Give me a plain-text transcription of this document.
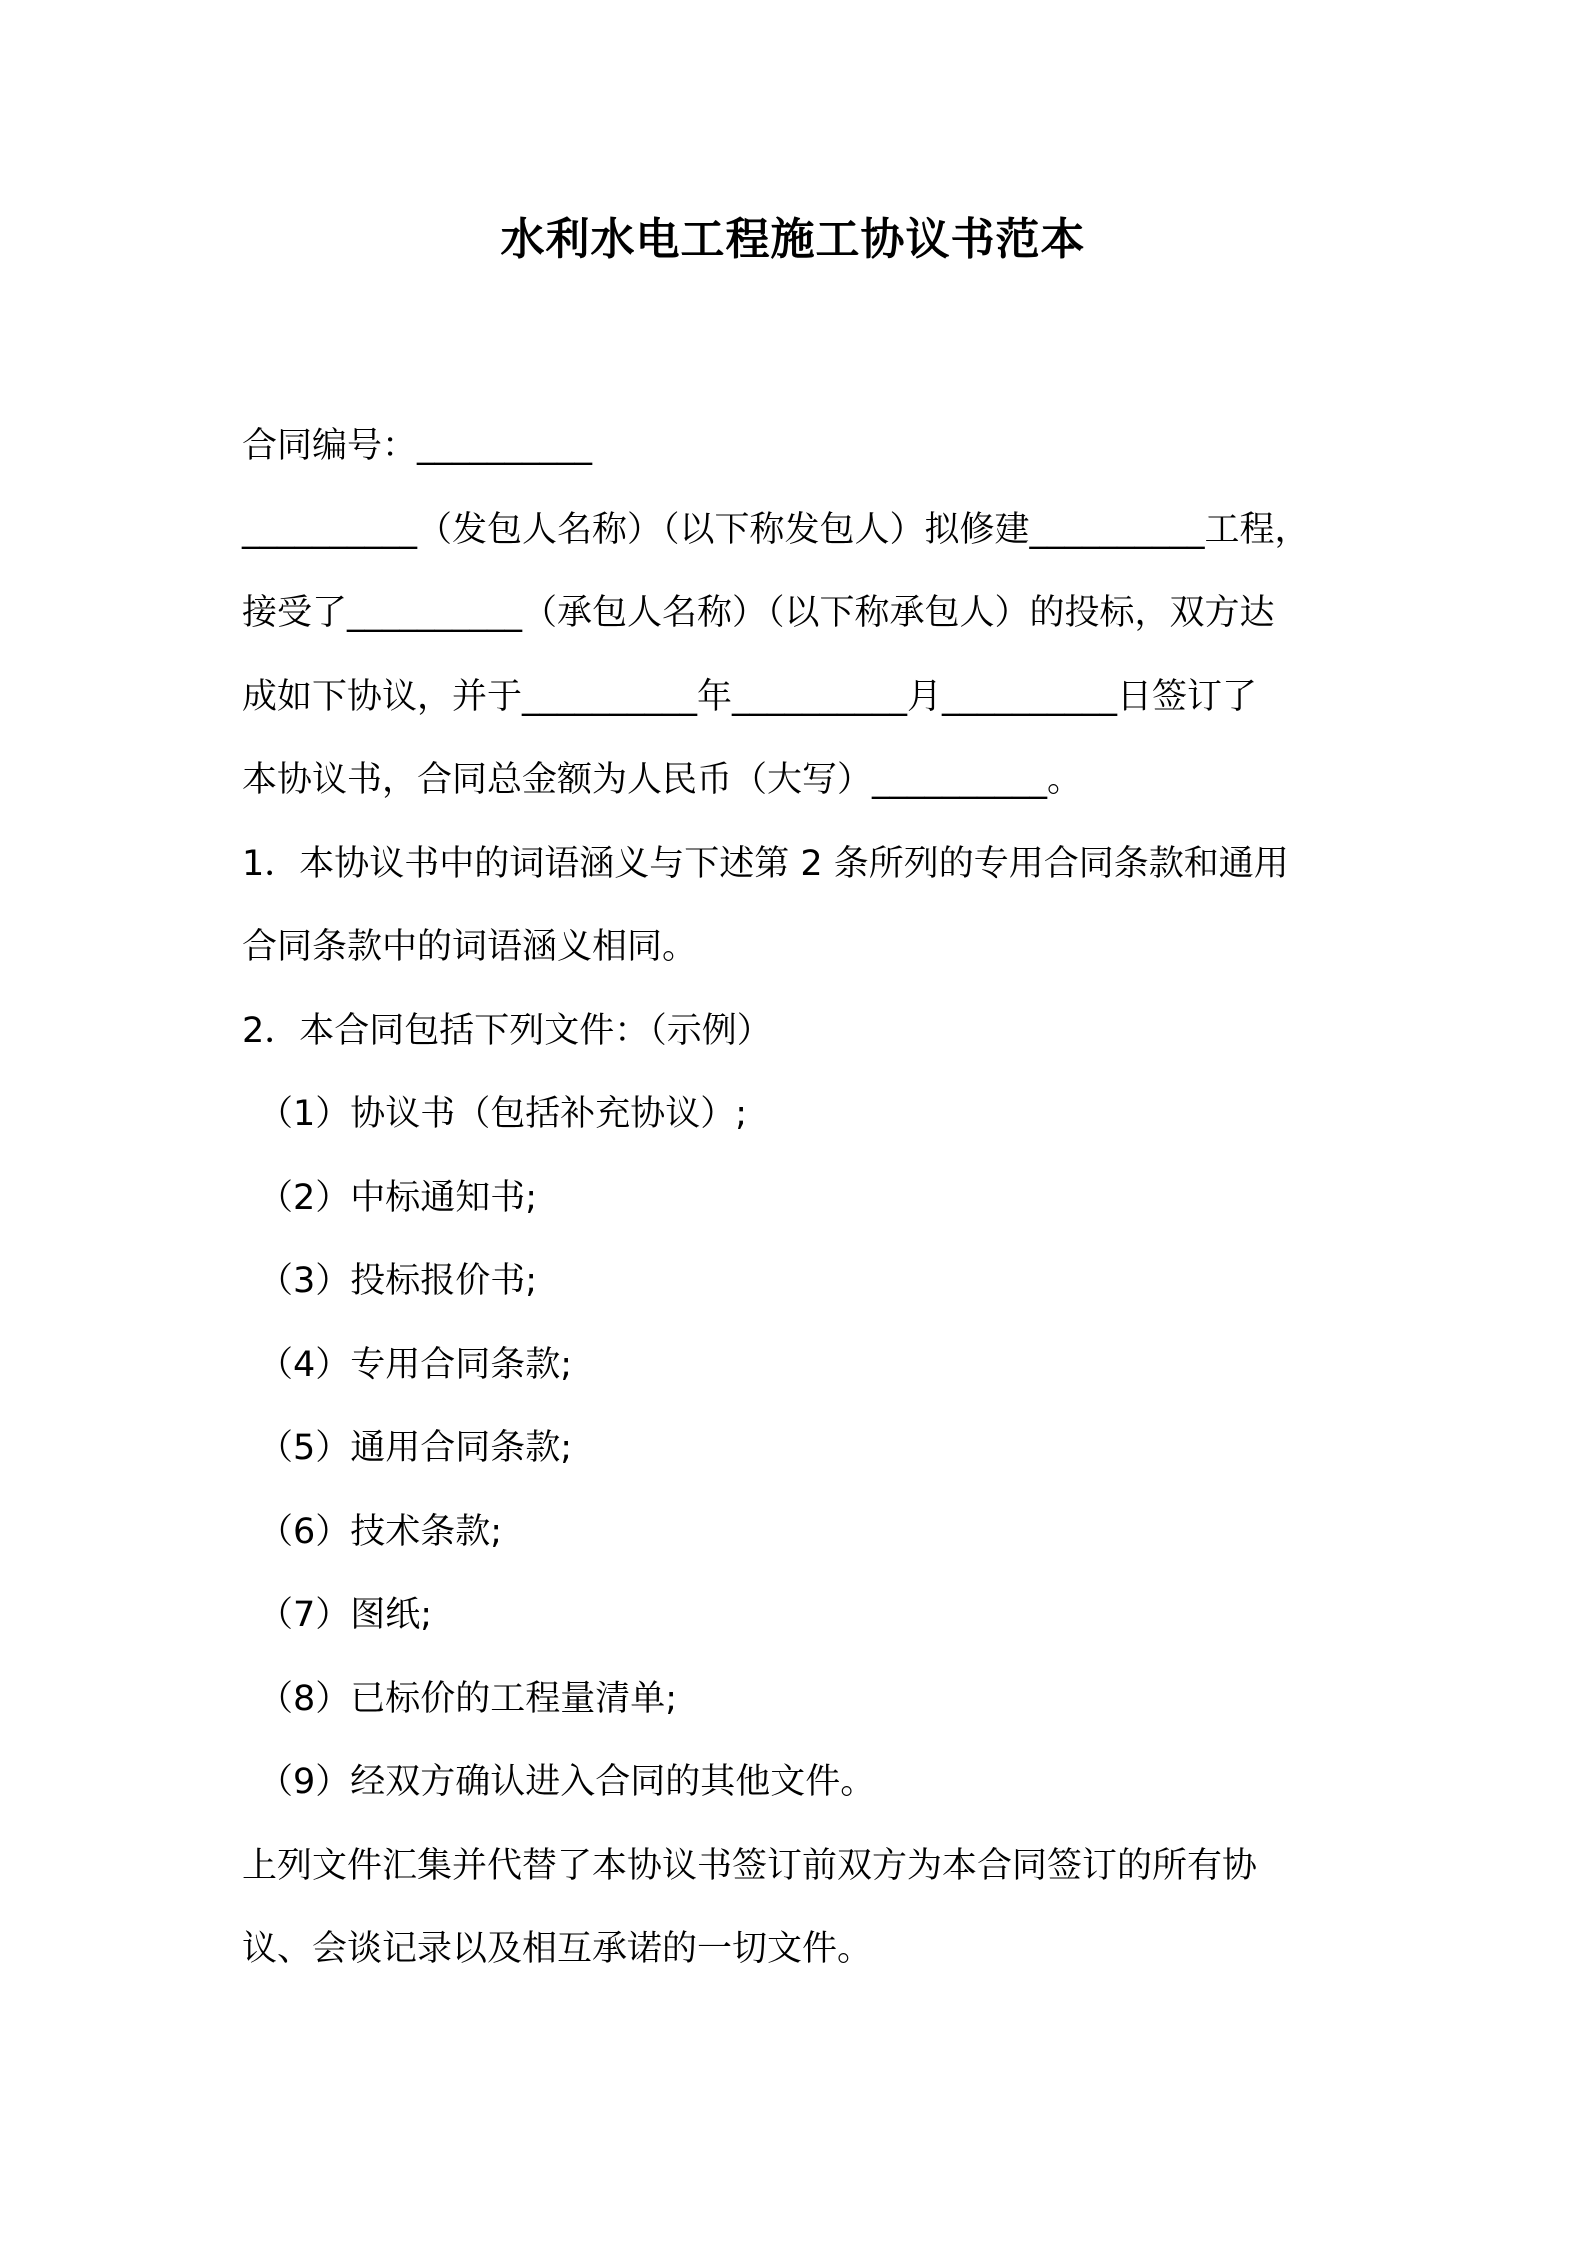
水利水电工程施工协议书范本
合同编号：__________
__________（发包人名称）（以下称发包人）拟修建__________工程，
接受了__________（承包人名称）（以下称承包人）的投标，双方达
成如下协议，并于__________年__________月__________日签订了
本协议书，合同总金额为人民币（大写）__________。
1．本协议书中的词语涵义与下述第 2 条所列的专用合同条款和通用
合同条款中的词语涵义相同。
2．本合同包括下列文件：（示例）
（1）协议书（包括补充协议）;
（2）中标通知书;
（3）投标报价书;
（4）专用合同条款;
（5）通用合同条款;
（6）技术条款;
（7）图纸;
（8）已标价的工程量清单;
（9）经双方确认进入合同的其他文件。
上列文件汇集并代替了本协议书签订前双方为本合同签订的所有协
议、会谈记录以及相互承诺的一切文件。
